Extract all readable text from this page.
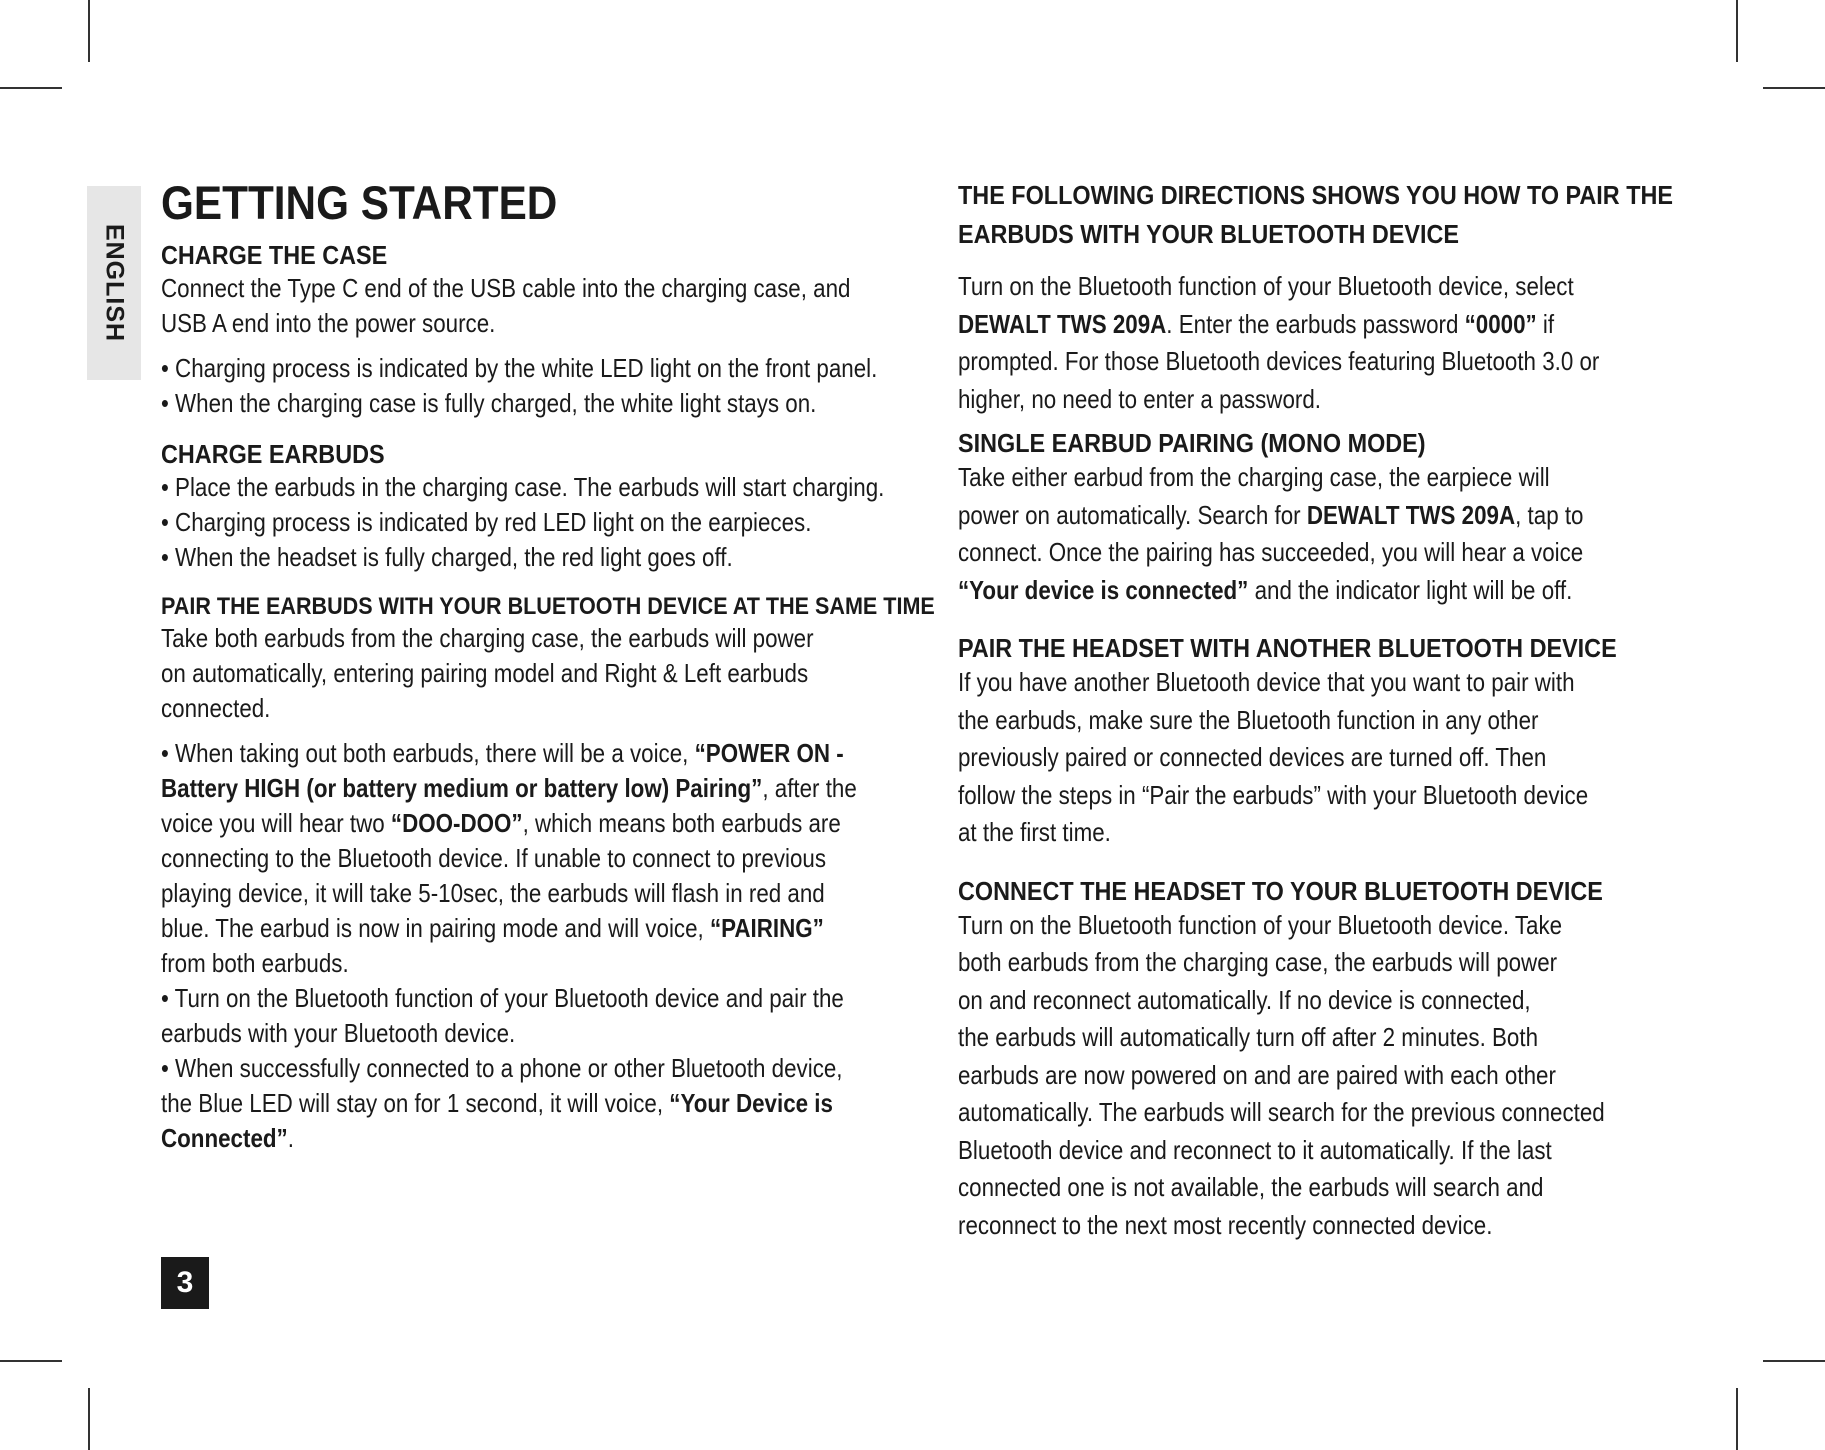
ENGLISH
GETTING STARTED
CHARGE THE CASE

Connect the Type C end of the USB cable into the charging case, and

USB A end into the power source.

• Charging process is indicated by the white LED light on the front panel.

• When the charging case is fully charged, the white light stays on.

CHARGE EARBUDS

• Place the earbuds in the charging case. The earbuds will start charging.

• Charging process is indicated by red LED light on the earpieces.

• When the headset is fully charged, the red light goes off.

PAIR THE EARBUDS WITH YOUR BLUETOOTH DEVICE AT THE SAME TIME

Take both earbuds from the charging case, the earbuds will power

on automatically, entering pairing model and Right & Left earbuds

connected.

• When taking out both earbuds, there will be a voice, “POWER ON -

Battery HIGH (or battery medium or battery low) Pairing”, after the

voice you will hear two “DOO-DOO”, which means both earbuds are

connecting to the Bluetooth device. If unable to connect to previous

playing device, it will take 5-10sec, the earbuds will flash in red and

blue. The earbud is now in pairing mode and will voice, “PAIRING”

from both earbuds.

• Turn on the Bluetooth function of your Bluetooth device and pair the

earbuds with your Bluetooth device.

• When successfully connected to a phone or other Bluetooth device,

the Blue LED will stay on for 1 second, it will voice, “Your Device is

Connected”.

3
THE FOLLOWING DIRECTIONS SHOWS YOU HOW TO PAIR THE
EARBUDS WITH YOUR BLUETOOTH DEVICE

Turn on the Bluetooth function of your Bluetooth device, select

DEWALT TWS 209A. Enter the earbuds password “0000” if

prompted. For those Bluetooth devices featuring Bluetooth 3.0 or

higher, no need to enter a password.

SINGLE EARBUD PAIRING (MONO MODE)

Take either earbud from the charging case, the earpiece will

power on automatically. Search for DEWALT TWS 209A, tap to

connect. Once the pairing has succeeded, you will hear a voice

“Your device is connected” and the indicator light will be off.

PAIR THE HEADSET WITH ANOTHER BLUETOOTH DEVICE

If you have another Bluetooth device that you want to pair with

the earbuds, make sure the Bluetooth function in any other

previously paired or connected devices are turned off. Then

follow the steps in “Pair the earbuds” with your Bluetooth device

at the first time.

CONNECT THE HEADSET TO YOUR BLUETOOTH DEVICE

Turn on the Bluetooth function of your Bluetooth device. Take

both earbuds from the charging case, the earbuds will power

on and reconnect automatically. If no device is connected,

the earbuds will automatically turn off after 2 minutes. Both

earbuds are now powered on and are paired with each other

automatically. The earbuds will search for the previous connected

Bluetooth device and reconnect to it automatically. If the last

connected one is not available, the earbuds will search and

reconnect to the next most recently connected device.
